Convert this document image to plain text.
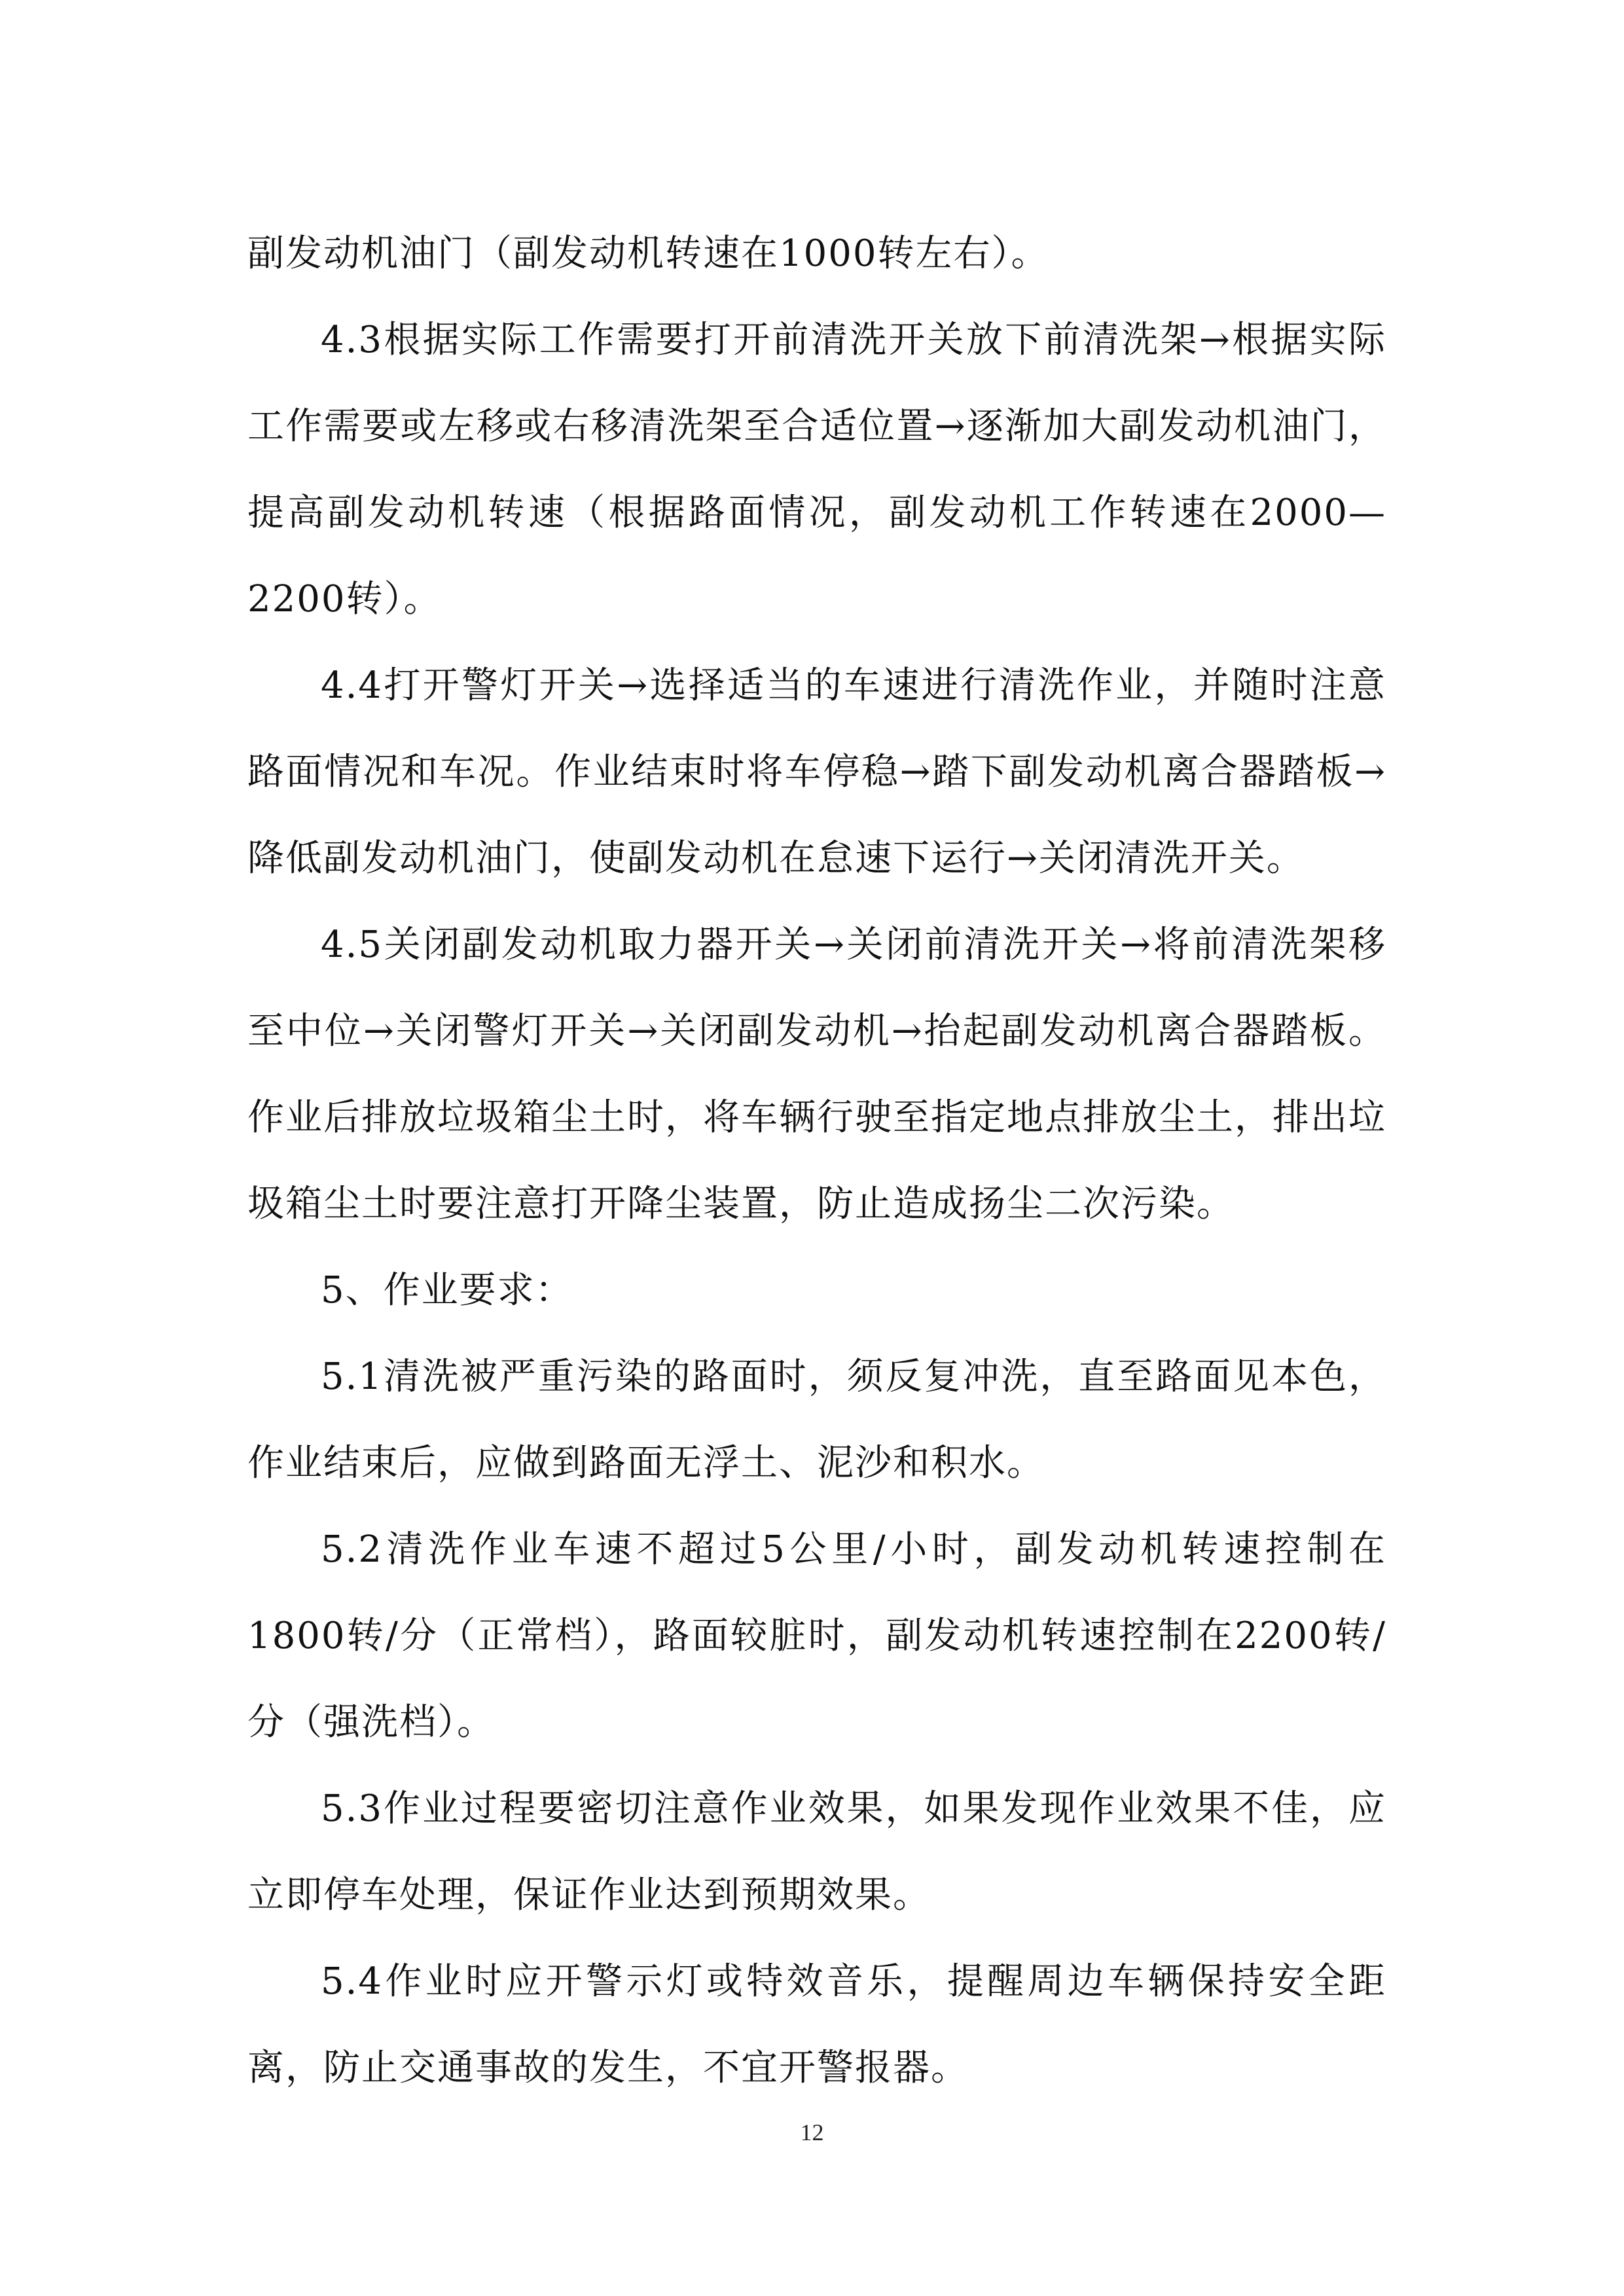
副发动机油门（副发动机转速在1000转左右）。

4.3根据实际工作需要打开前清洗开关放下前清洗架→根据实际工作需要或左移或右移清洗架至合适位置→逐渐加大副发动机油门，提高副发动机转速（根据路面情况，副发动机工作转速在2000—2200转）。

4.4打开警灯开关→选择适当的车速进行清洗作业，并随时注意路面情况和车况。作业结束时将车停稳→踏下副发动机离合器踏板→降低副发动机油门，使副发动机在怠速下运行→关闭清洗开关。

4.5关闭副发动机取力器开关→关闭前清洗开关→将前清洗架移至中位→关闭警灯开关→关闭副发动机→抬起副发动机离合器踏板。作业后排放垃圾箱尘土时，将车辆行驶至指定地点排放尘土，排出垃圾箱尘土时要注意打开降尘装置，防止造成扬尘二次污染。

5、作业要求：

5.1清洗被严重污染的路面时，须反复冲洗，直至路面见本色，作业结束后，应做到路面无浮土、泥沙和积水。

5.2清洗作业车速不超过5公里/小时，副发动机转速控制在1800转/分（正常档），路面较脏时，副发动机转速控制在2200转/分（强洗档）。

5.3作业过程要密切注意作业效果，如果发现作业效果不佳，应立即停车处理，保证作业达到预期效果。

5.4作业时应开警示灯或特效音乐，提醒周边车辆保持安全距离，防止交通事故的发生，不宜开警报器。

12
